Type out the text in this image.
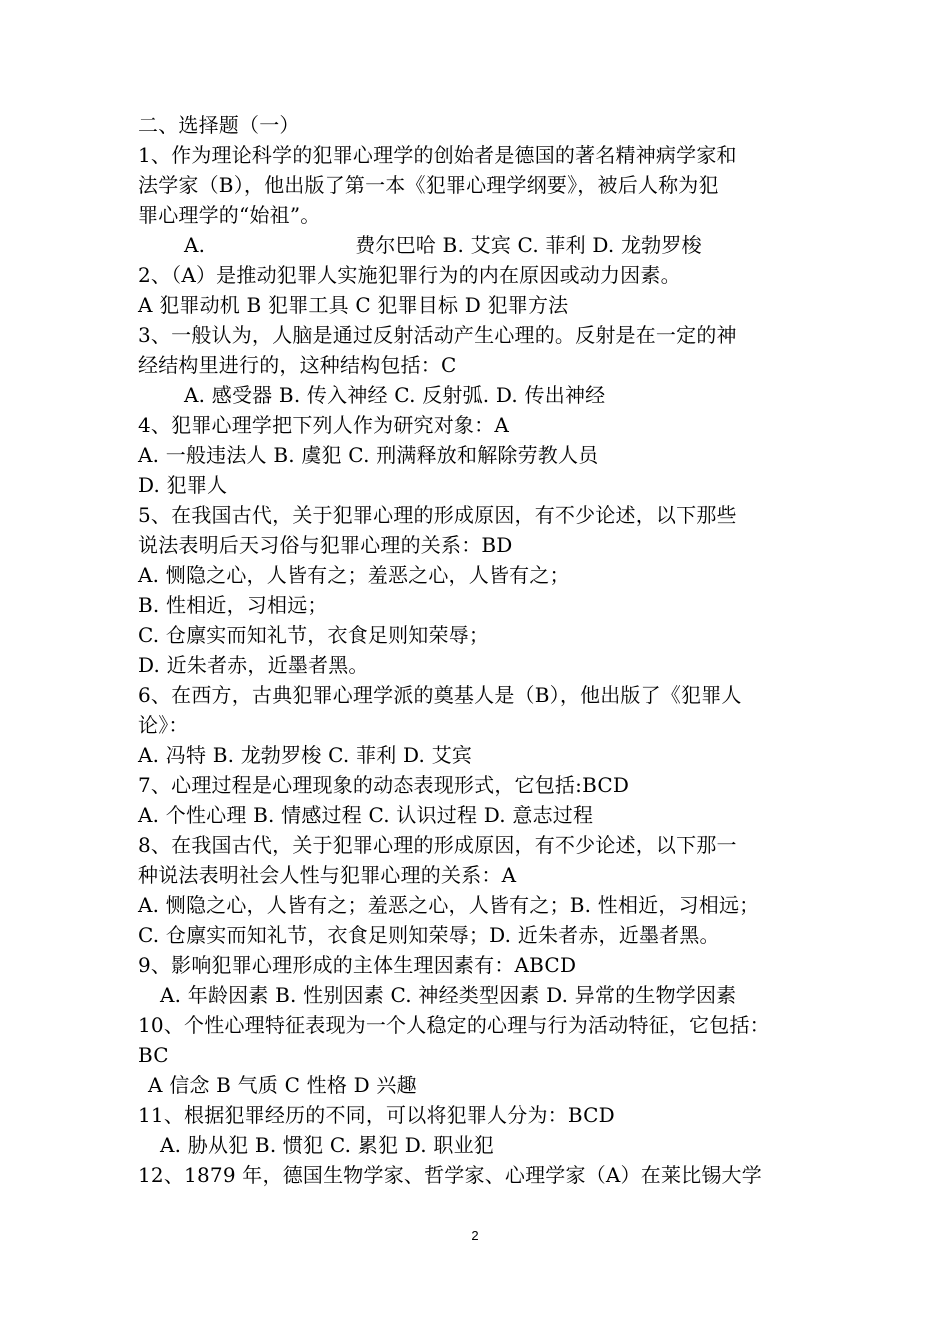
二、选择题（一）
1、作为理论科学的犯罪心理学的创始者是德国的著名精神病学家和
法学家（B），他出版了第一本《犯罪心理学纲要》，被后人称为犯
罪心理学的“始祖”。
A.	费尔巴哈 B. 艾宾 C. 菲利 D. 龙勃罗梭
2、（A）是推动犯罪人实施犯罪行为的内在原因或动力因素。
A 犯罪动机 B 犯罪工具 C 犯罪目标 D 犯罪方法
3、一般认为，人脑是通过反射活动产生心理的。反射是在一定的神
经结构里进行的，这种结构包括：C
A. 感受器 B. 传入神经 C. 反射弧. D. 传出神经
4、犯罪心理学把下列人作为研究对象：A
A. 一般违法人 B. 虞犯 C. 刑满释放和解除劳教人员
D. 犯罪人
5、在我国古代，关于犯罪心理的形成原因，有不少论述，以下那些
说法表明后天习俗与犯罪心理的关系：BD
A. 恻隐之心，人皆有之；羞恶之心，人皆有之；
B. 性相近，习相远；
C. 仓廪实而知礼节，衣食足则知荣辱；
D. 近朱者赤，近墨者黑。
6、在西方，古典犯罪心理学派的奠基人是（B），他出版了《犯罪人
论》：
A. 冯特 B. 龙勃罗梭 C. 菲利 D. 艾宾
7、心理过程是心理现象的动态表现形式，它包括:BCD
A. 个性心理 B. 情感过程 C. 认识过程 D. 意志过程
8、在我国古代，关于犯罪心理的形成原因，有不少论述，以下那一
种说法表明社会人性与犯罪心理的关系：A
A. 恻隐之心，人皆有之；羞恶之心，人皆有之；B. 性相近，习相远；
C. 仓廪实而知礼节，衣食足则知荣辱；D. 近朱者赤，近墨者黑。
9、影响犯罪心理形成的主体生理因素有：ABCD
A. 年龄因素 B. 性别因素 C. 神经类型因素 D. 异常的生物学因素
10、个性心理特征表现为一个人稳定的心理与行为活动特征，它包括：
BC
A 信念 B 气质 C 性格 D 兴趣
11、根据犯罪经历的不同，可以将犯罪人分为：BCD
A. 胁从犯 B. 惯犯 C. 累犯 D. 职业犯
12、1879 年，德国生物学家、哲学家、心理学家（A）在莱比锡大学
2
